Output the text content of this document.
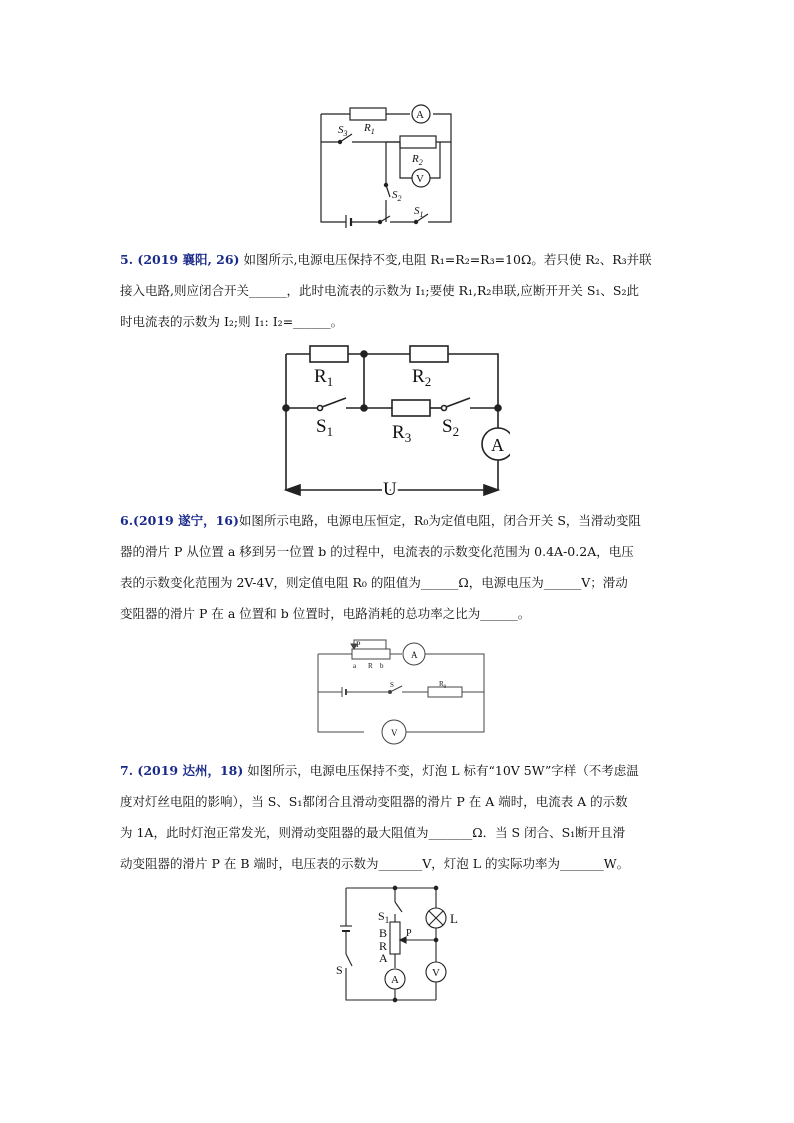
$R_1$
A
$S_3$
$R_2$
V
$S_2$
$S_1$
5. (2019 襄阳, 26) 如图所示,电源电压保持不变,电阻 R₁=R₂=R₃=10Ω。若只使 R₂、R₃并联
接入电路,则应闭合开关______，此时电流表的示数为 I₁;要使 R₁,R₂串联,应断开开关 S₁、S₂此
时电流表的示数为 I₂;则 I₁: I₂=______。
$R_1$	$R_2$
$S_1$	$R_3$
$S_2$
A
U
6.(2019 遂宁，16)如图所示电路，电源电压恒定，R₀为定值电阻，闭合开关 S，当滑动变阻
器的滑片 P 从位置 a 移到另一位置 b 的过程中，电流表的示数变化范围为 0.4A-0.2A，电压
表的示数变化范围为 2V-4V，则定值电阻 R₀ 的阻值为______Ω，电源电压为______V；滑动
变阻器的滑片 P 在 a 位置和 b 位置时，电路消耗的总功率之比为______。
P
a R b
A
S	$R_0$
V
7. (2019 达州，18) 如图所示，电源电压保持不变，灯泡 L 标有“10V 5W”字样（不考虑温
度对灯丝电阻的影响），当 S、S₁都闭合且滑动变阻器的滑片 P 在 A 端时，电流表 A 的示数
为 1A，此时灯泡正常发光，则滑动变阻器的最大阻值为_______Ω．当 S 闭合、S₁断开且滑
动变阻器的滑片 P 在 B 端时，电压表的示数为_______V，灯泡 L 的实际功率为_______W。
$S_1$	L
B
R
A
P
S
A
V
